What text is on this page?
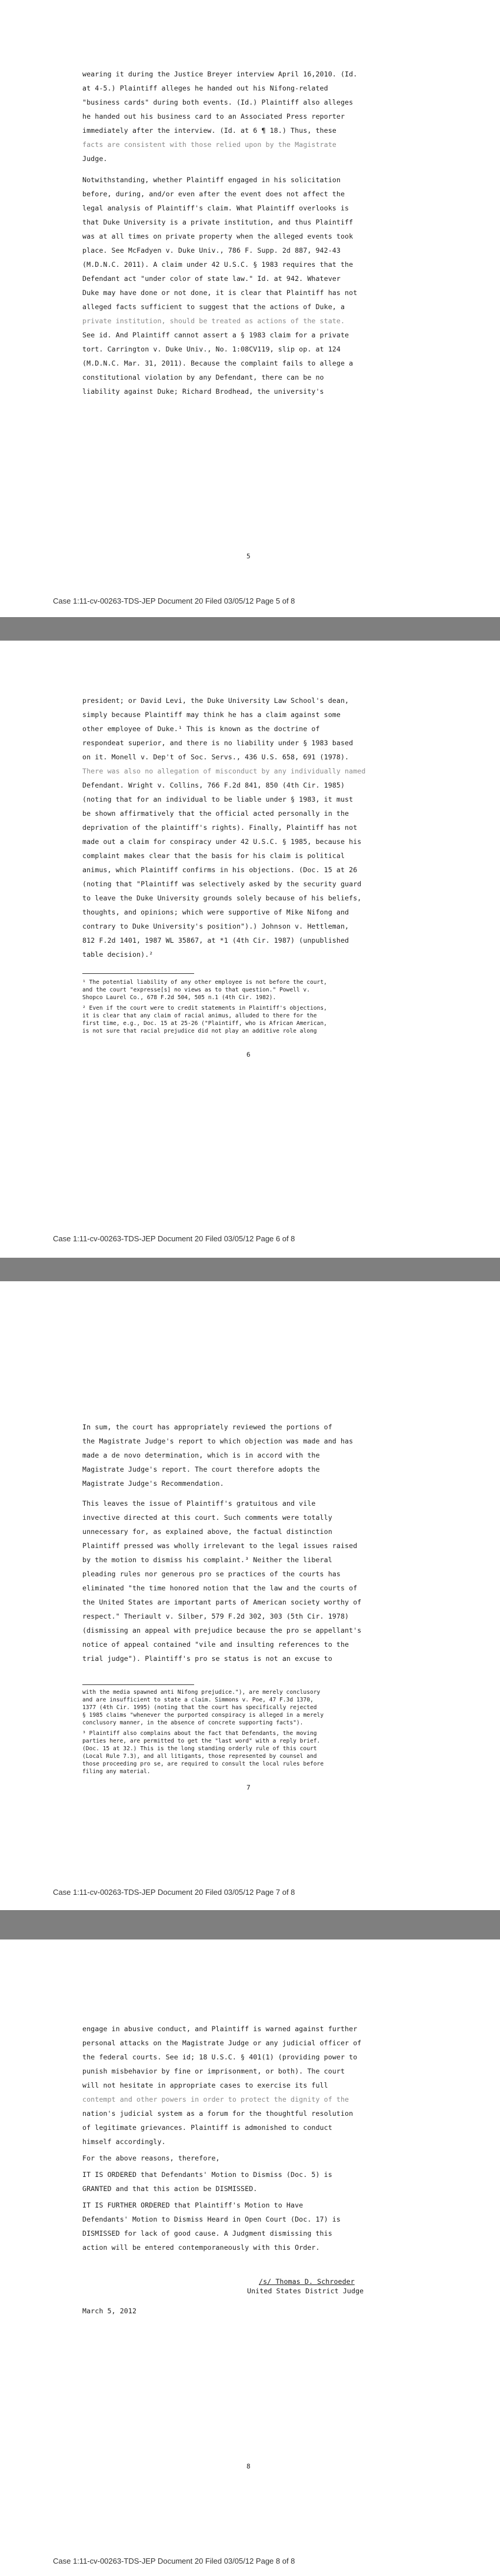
wearing it during the Justice Breyer interview April 16,2010. (Id.
at 4-5.) Plaintiff alleges he handed out his Nifong-related
"business cards" during both events. (Id.) Plaintiff also alleges
he handed out his business card to an Associated Press reporter
immediately after the interview. (Id. at 6 ¶ 18.) Thus, these
facts are consistent with those relied upon by the Magistrate
Judge.
Notwithstanding, whether Plaintiff engaged in his solicitation
before, during, and/or even after the event does not affect the
legal analysis of Plaintiff's claim. What Plaintiff overlooks is
that Duke University is a private institution, and thus Plaintiff
was at all times on private property when the alleged events took
place. See McFadyen v. Duke Univ., 786 F. Supp. 2d 887, 942-43
(M.D.N.C. 2011). A claim under 42 U.S.C. § 1983 requires that the
Defendant act "under color of state law." Id. at 942. Whatever
Duke may have done or not done, it is clear that Plaintiff has not
alleged facts sufficient to suggest that the actions of Duke, a
private institution, should be treated as actions of the state.
See id. And Plaintiff cannot assert a § 1983 claim for a private
tort. Carrington v. Duke Univ., No. 1:08CV119, slip op. at 124
(M.D.N.C. Mar. 31, 2011). Because the complaint fails to allege a
constitutional violation by any Defendant, there can be no
liability against Duke; Richard Brodhead, the university's
5
Case 1:11-cv-00263-TDS-JEP Document 20 Filed 03/05/12 Page 5 of 8
president; or David Levi, the Duke University Law School's dean,
simply because Plaintiff may think he has a claim against some
other employee of Duke.¹ This is known as the doctrine of
respondeat superior, and there is no liability under § 1983 based
on it. Monell v. Dep't of Soc. Servs., 436 U.S. 658, 691 (1978).
There was also no allegation of misconduct by any individually named
Defendant. Wright v. Collins, 766 F.2d 841, 850 (4th Cir. 1985)
(noting that for an individual to be liable under § 1983, it must
be shown affirmatively that the official acted personally in the
deprivation of the plaintiff's rights). Finally, Plaintiff has not
made out a claim for conspiracy under 42 U.S.C. § 1985, because his
complaint makes clear that the basis for his claim is political
animus, which Plaintiff confirms in his objections. (Doc. 15 at 26
(noting that "Plaintiff was selectively asked by the security guard
to leave the Duke University grounds solely because of his beliefs,
thoughts, and opinions; which were supportive of Mike Nifong and
contrary to Duke University's position").) Johnson v. Hettleman,
812 F.2d 1401, 1987 WL 35867, at *1 (4th Cir. 1987) (unpublished
table decision).²
¹ The potential liability of any other employee is not before the court,
and the court "expresse[s] no views as to that question." Powell v.
Shopco Laurel Co., 678 F.2d 504, 505 n.1 (4th Cir. 1982).
² Even if the court were to credit statements in Plaintiff's objections,
it is clear that any claim of racial animus, alluded to there for the
first time, e.g., Doc. 15 at 25-26 ("Plaintiff, who is African American,
is not sure that racial prejudice did not play an additive role along
6
Case 1:11-cv-00263-TDS-JEP Document 20 Filed 03/05/12 Page 6 of 8
In sum, the court has appropriately reviewed the portions of
the Magistrate Judge's report to which objection was made and has
made a de novo determination, which is in accord with the
Magistrate Judge's report. The court therefore adopts the
Magistrate Judge's Recommendation.
This leaves the issue of Plaintiff's gratuitous and vile
invective directed at this court. Such comments were totally
unnecessary for, as explained above, the factual distinction
Plaintiff pressed was wholly irrelevant to the legal issues raised
by the motion to dismiss his complaint.³ Neither the liberal
pleading rules nor generous pro se practices of the courts has
eliminated "the time honored notion that the law and the courts of
the United States are important parts of American society worthy of
respect." Theriault v. Silber, 579 F.2d 302, 303 (5th Cir. 1978)
(dismissing an appeal with prejudice because the pro se appellant's
notice of appeal contained "vile and insulting references to the
trial judge"). Plaintiff's pro se status is not an excuse to
with the media spawned anti Nifong prejudice."), are merely conclusory
and are insufficient to state a claim. Simmons v. Poe, 47 F.3d 1370,
1377 (4th Cir. 1995) (noting that the court has specifically rejected
§ 1985 claims "whenever the purported conspiracy is alleged in a merely
conclusory manner, in the absence of concrete supporting facts").
³ Plaintiff also complains about the fact that Defendants, the moving
parties here, are permitted to get the "last word" with a reply brief.
(Doc. 15 at 32.) This is the long standing orderly rule of this court
(Local Rule 7.3), and all litigants, those represented by counsel and
those proceeding pro se, are required to consult the local rules before
filing any material.
7
Case 1:11-cv-00263-TDS-JEP Document 20 Filed 03/05/12 Page 7 of 8
engage in abusive conduct, and Plaintiff is warned against further
personal attacks on the Magistrate Judge or any judicial officer of
the federal courts. See id; 18 U.S.C. § 401(1) (providing power to
punish misbehavior by fine or imprisonment, or both). The court
will not hesitate in appropriate cases to exercise its full
contempt and other powers in order to protect the dignity of the
nation's judicial system as a forum for the thoughtful resolution
of legitimate grievances. Plaintiff is admonished to conduct
himself accordingly.
For the above reasons, therefore,
IT IS ORDERED that Defendants' Motion to Dismiss (Doc. 5) is
GRANTED and that this action be DISMISSED.
IT IS FURTHER ORDERED that Plaintiff's Motion to Have
Defendants' Motion to Dismiss Heard in Open Court (Doc. 17) is
DISMISSED for lack of good cause. A Judgment dismissing this
action will be entered contemporaneously with this Order.
/s/ Thomas D. Schroeder
United States District Judge
March 5, 2012
8
Case 1:11-cv-00263-TDS-JEP Document 20 Filed 03/05/12 Page 8 of 8
